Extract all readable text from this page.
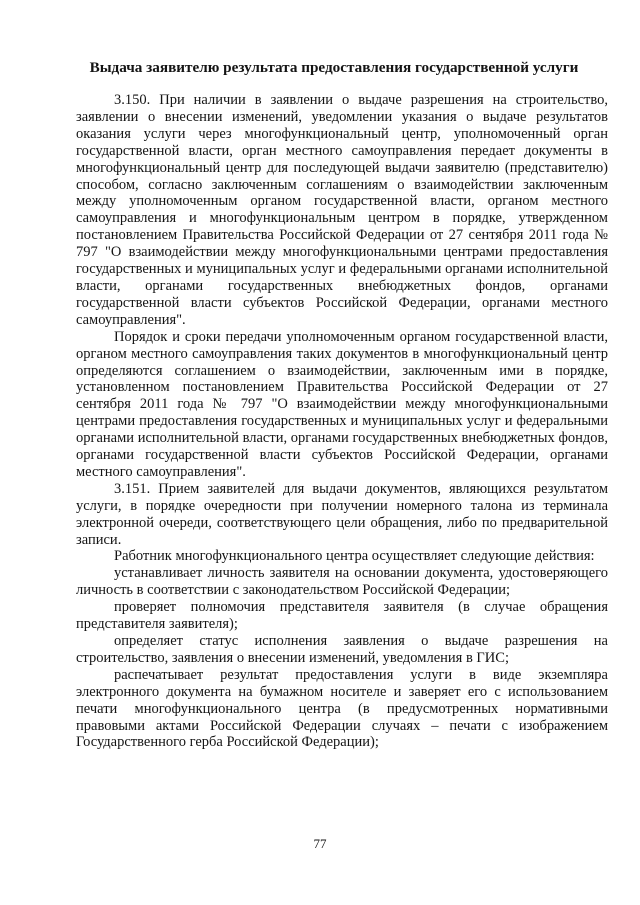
Выдача заявителю результата предоставления государственной услуги

3.150. При наличии в заявлении о выдаче разрешения на строительство, заявлении о внесении изменений, уведомлении указания о выдаче результатов оказания услуги через многофункциональный центр, уполномоченный орган государственной власти, орган местного самоуправления передает документы в многофункциональный центр для последующей выдачи заявителю (представителю) способом, согласно заключенным соглашениям о взаимодействии заключенным между уполномоченным органом государственной власти, органом местного самоуправления и многофункциональным центром в порядке, утвержденном постановлением Правительства Российской Федерации от 27 сентября 2011 года № 797 "О взаимодействии между многофункциональными центрами предоставления государственных и муниципальных услуг и федеральными органами исполнительной власти, органами государственных внебюджетных фондов, органами государственной власти субъектов Российской Федерации, органами местного самоуправления".

Порядок и сроки передачи уполномоченным органом государственной власти, органом местного самоуправления таких документов в многофункциональный центр определяются соглашением о взаимодействии, заключенным ими в порядке, установленном постановлением Правительства Российской Федерации от 27 сентября 2011 года № 797 "О взаимодействии между многофункциональными центрами предоставления государственных и муниципальных услуг и федеральными органами исполнительной власти, органами государственных внебюджетных фондов, органами государственной власти субъектов Российской Федерации, органами местного самоуправления".

3.151. Прием заявителей для выдачи документов, являющихся результатом услуги, в порядке очередности при получении номерного талона из терминала электронной очереди, соответствующего цели обращения, либо по предварительной записи.

Работник многофункционального центра осуществляет следующие действия:

устанавливает личность заявителя на основании документа, удостоверяющего личность в соответствии с законодательством Российской Федерации;

проверяет полномочия представителя заявителя (в случае обращения представителя заявителя);

определяет статус исполнения заявления о выдаче разрешения на строительство, заявления о внесении изменений, уведомления в ГИС;

распечатывает результат предоставления услуги в виде экземпляра электронного документа на бумажном носителе и заверяет его с использованием печати многофункционального центра (в предусмотренных нормативными правовыми актами Российской Федерации случаях – печати с изображением Государственного герба Российской Федерации);

77
